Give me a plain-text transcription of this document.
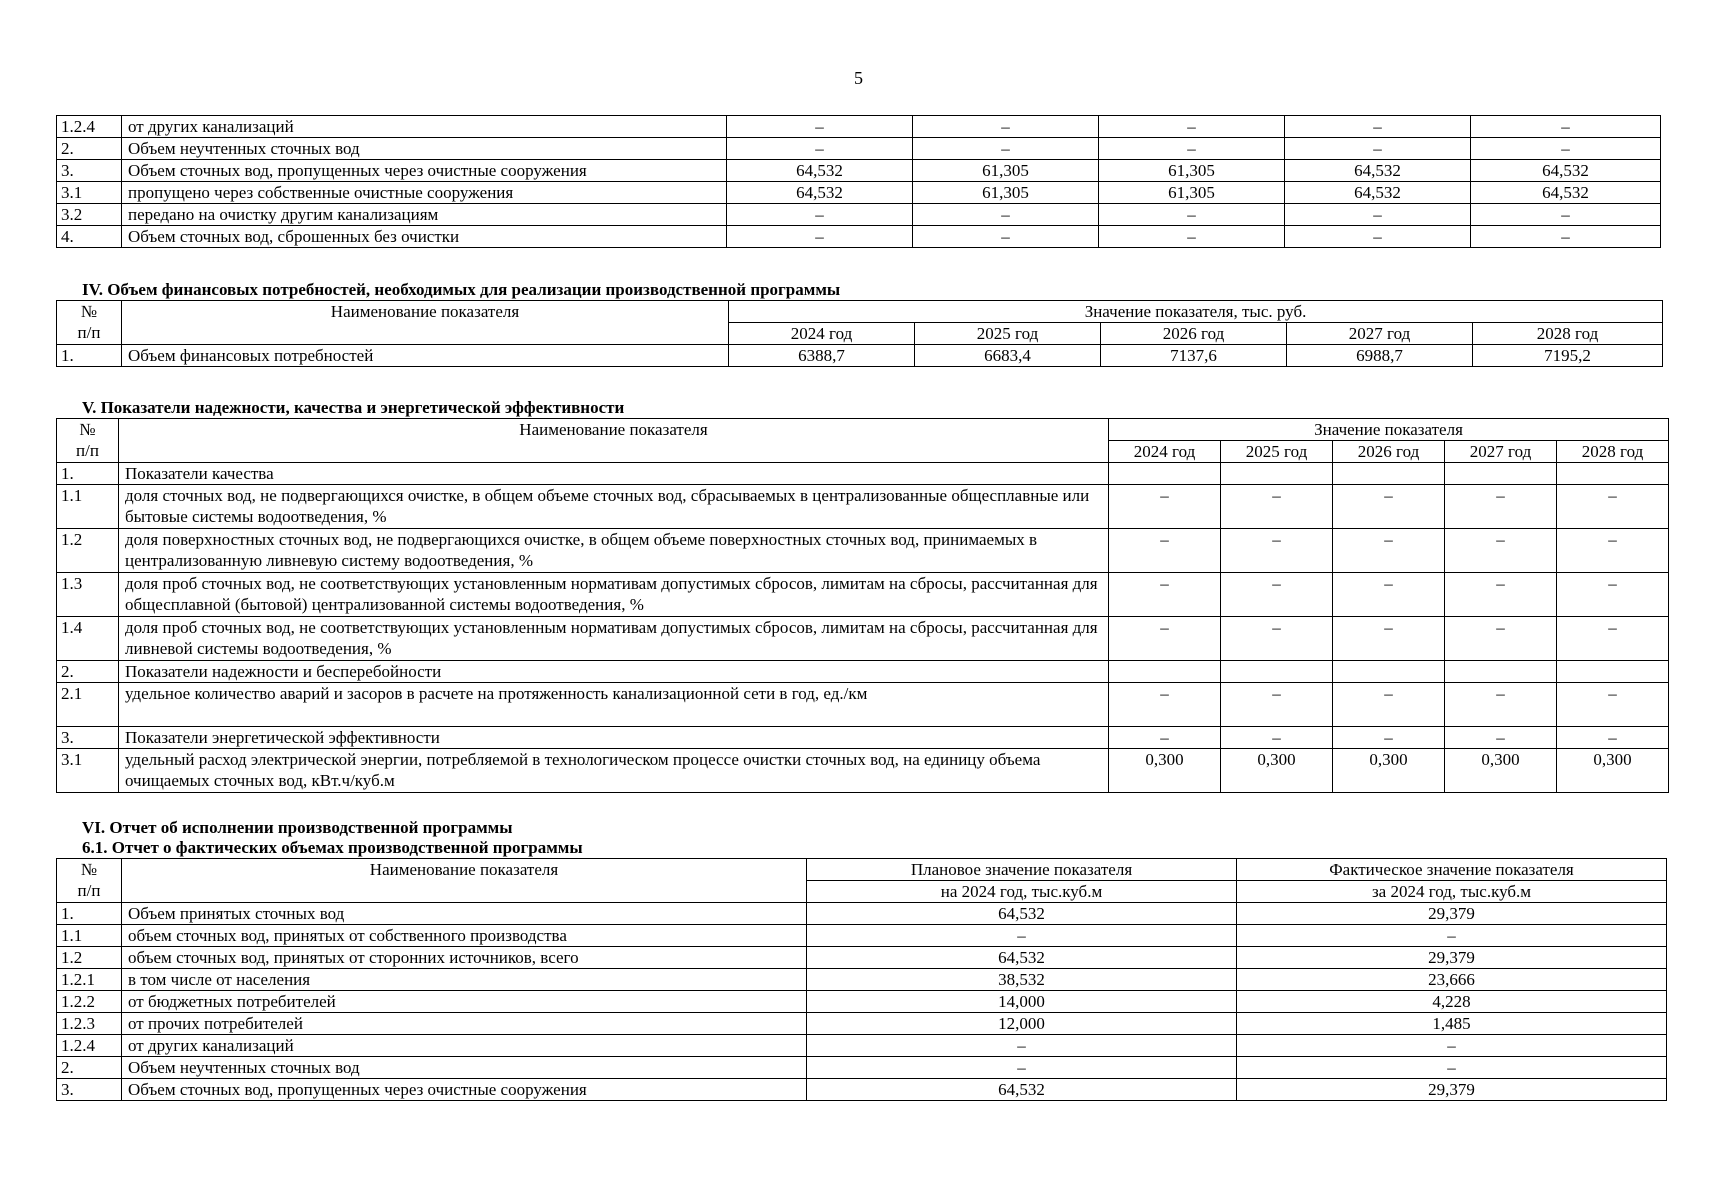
5
1.2.4	от других канализаций	–	–	–	–	–
2.	Объем неучтенных сточных вод	–	–	–	–	–
3.	Объем сточных вод, пропущенных через очистные сооружения	64,532	61,305	61,305	64,532	64,532
3.1	пропущено через собственные очистные сооружения	64,532	61,305	61,305	64,532	64,532
3.2	передано на очистку другим канализациям	–	–	–	–	–
4.	Объем сточных вод, сброшенных без очистки	–	–	–	–	–
IV. Объем финансовых потребностей, необходимых для реализации производственной программы
№
п/п	Наименование показателя	Значение показателя, тыс. руб.				
		2024 год	2025 год	2026 год	2027 год	2028 год
1.	Объем финансовых потребностей	6388,7	6683,4	7137,6	6988,7	7195,2
V. Показатели надежности, качества и энергетической эффективности
№
п/п	Наименование показателя	Значение показателя				
		2024 год	2025 год	2026 год	2027 год	2028 год
1.	Показатели качества					
1.1	доля сточных вод, не подвергающихся очистке, в общем объеме сточных вод, сбрасываемых в централизованные общесплавные или бытовые системы водоотведения, %	–	–	–	–	–
1.2	доля поверхностных сточных вод, не подвергающихся очистке, в общем объеме поверхностных сточных вод, принимаемых в централизованную ливневую систему водоотведения, %	–	–	–	–	–
1.3	доля проб сточных вод, не соответствующих установленным нормативам допустимых сбросов, лимитам на сбросы, рассчитанная для общесплавной (бытовой) централизованной системы водоотведения, %	–	–	–	–	–
1.4	доля проб сточных вод, не соответствующих установленным нормативам допустимых сбросов, лимитам на сбросы, рассчитанная для ливневой системы водоотведения, %	–	–	–	–	–
2.	Показатели надежности и бесперебойности					
2.1	удельное количество аварий и засоров в расчете на протяженность канализационной сети в год, ед./км	–	–	–	–	–
3.	Показатели энергетической эффективности	–	–	–	–	–
3.1	удельный расход электрической энергии, потребляемой в технологическом процессе очистки сточных вод, на единицу объема очищаемых сточных вод, кВт.ч/куб.м	0,300	0,300	0,300	0,300	0,300
VI. Отчет об исполнении производственной программы
6.1. Отчет о фактических объемах производственной программы
№
п/п	Наименование показателя	Плановое значение показателя	Фактическое значение показателя
		на 2024 год, тыс.куб.м	за 2024 год, тыс.куб.м
1.	Объем принятых сточных вод	64,532	29,379
1.1	объем сточных вод, принятых от собственного производства	–	–
1.2	объем сточных вод, принятых от сторонних источников, всего	64,532	29,379
1.2.1	в том числе от населения	38,532	23,666
1.2.2	от бюджетных потребителей	14,000	4,228
1.2.3	от прочих потребителей	12,000	1,485
1.2.4	от других канализаций	–	–
2.	Объем неучтенных сточных вод	–	–
3.	Объем сточных вод, пропущенных через очистные сооружения	64,532	29,379
